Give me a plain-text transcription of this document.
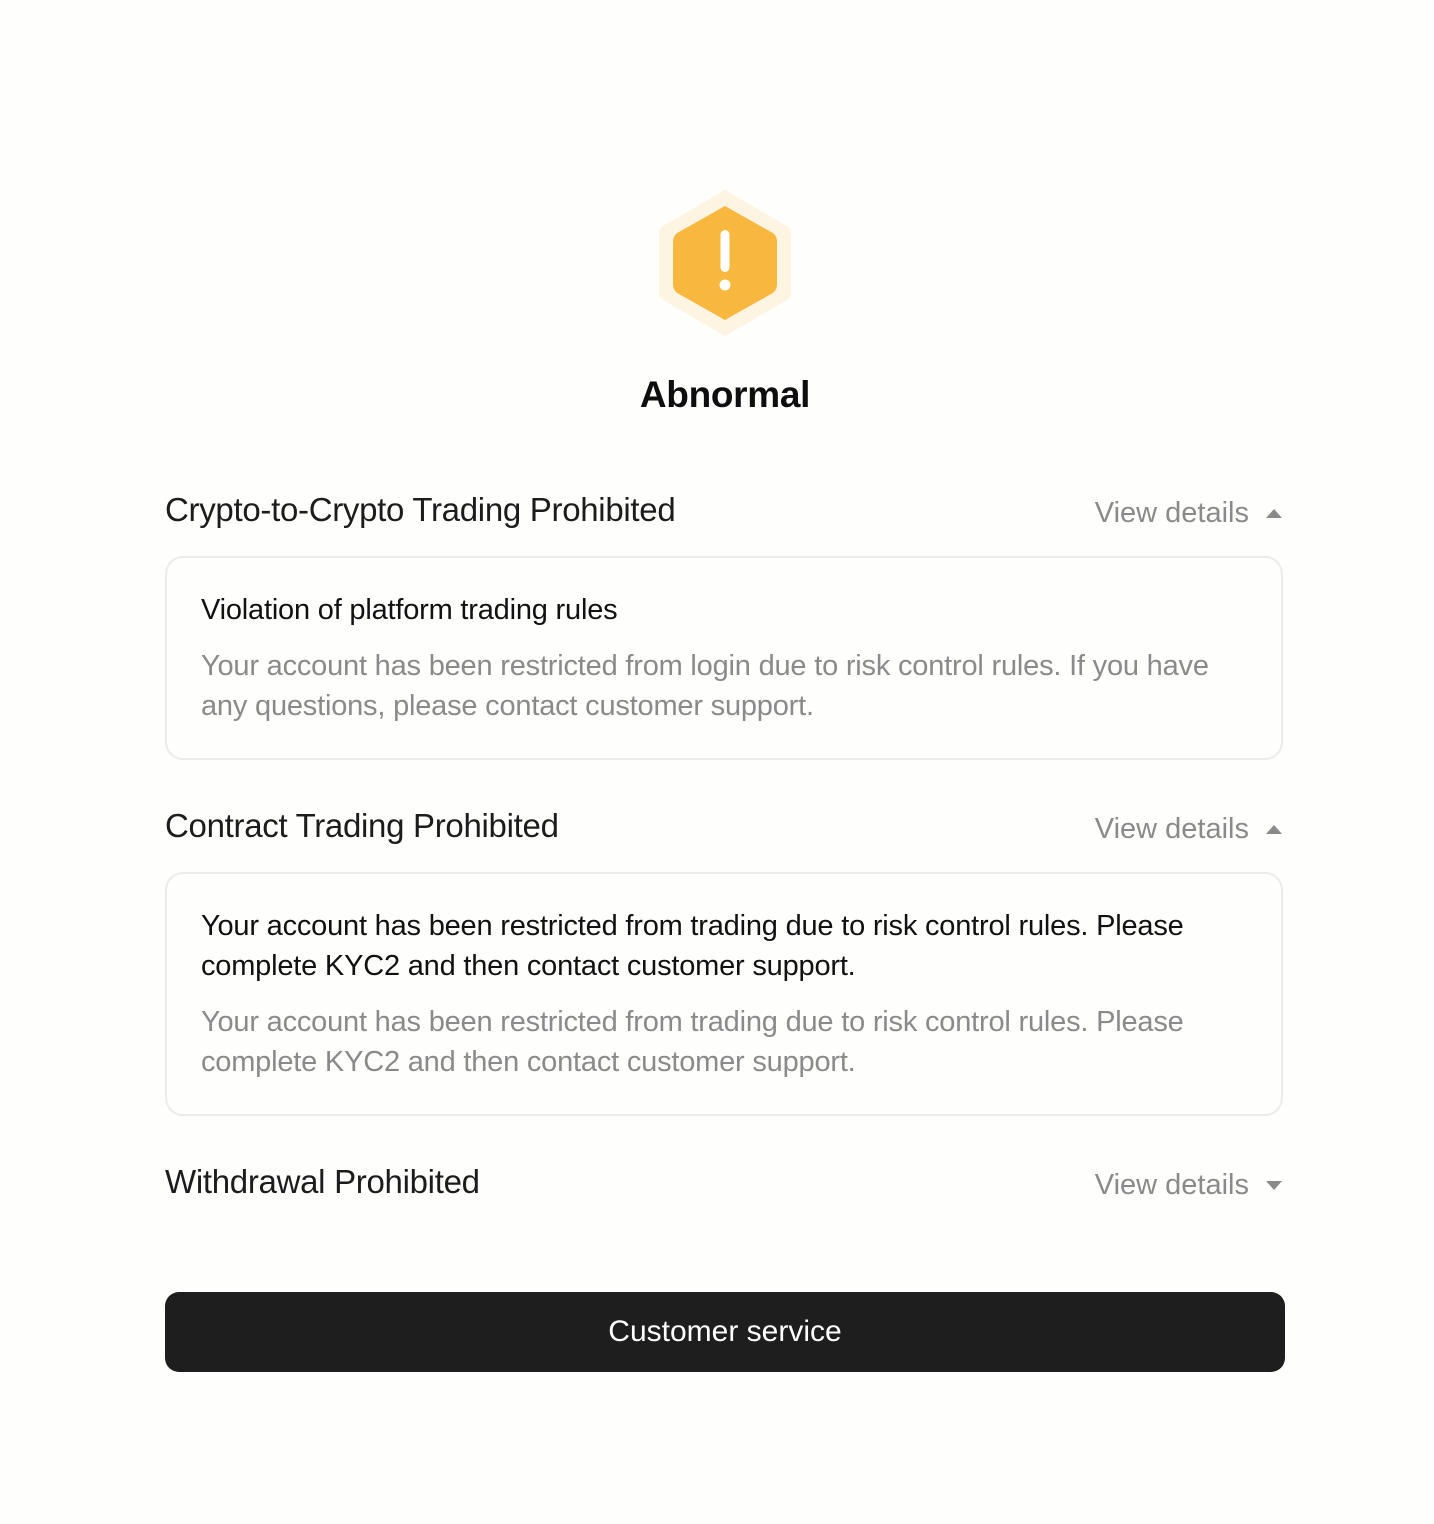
Abnormal
Crypto-to-Crypto Trading Prohibited	View details
Violation of platform trading rules
Your account has been restricted from login due to risk control rules. If you have any questions, please contact customer support.
Contract Trading Prohibited	View details
Your account has been restricted from trading due to risk control rules. Please complete KYC2 and then contact customer support.
Your account has been restricted from trading due to risk control rules. Please complete KYC2 and then contact customer support.
Withdrawal Prohibited	View details
Customer service
